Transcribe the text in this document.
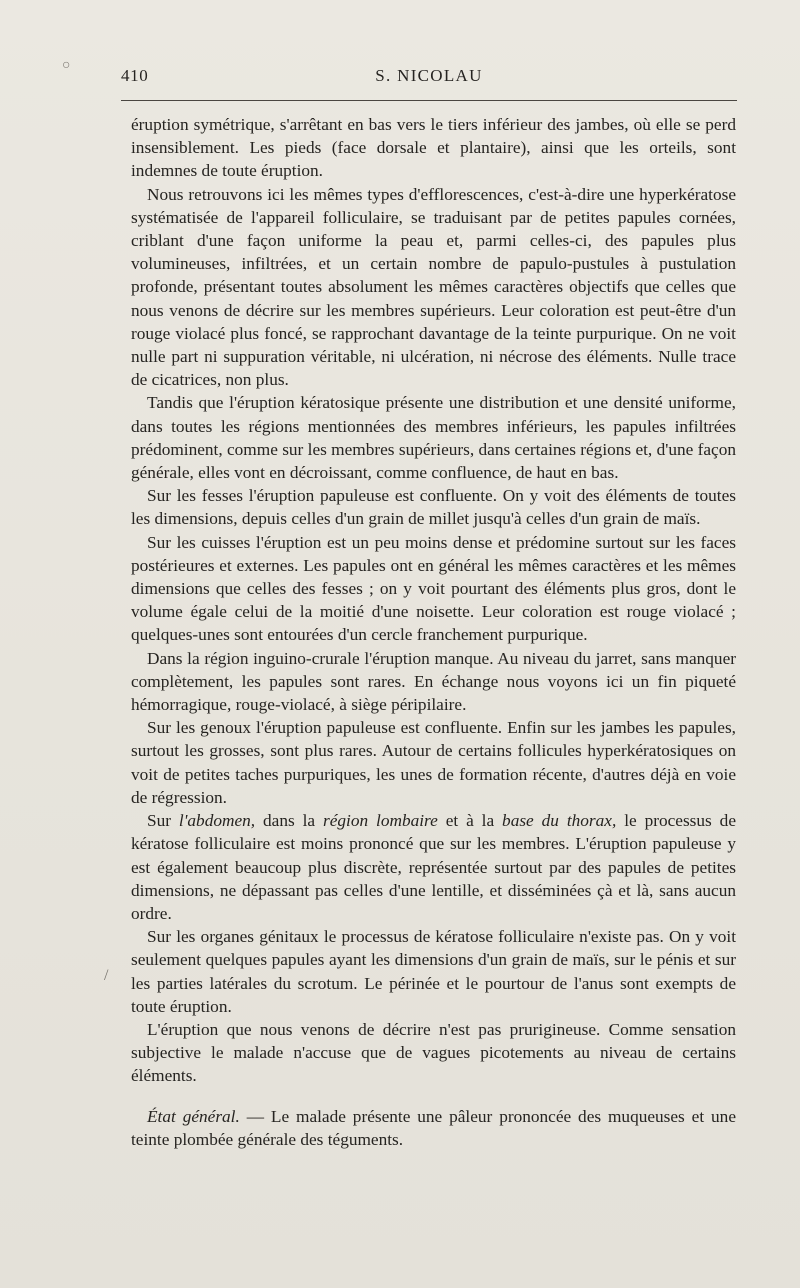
410	S. NICOLAU
○
/

éruption symétrique, s'arrêtant en bas vers le tiers inférieur des jambes, où elle se perd insensiblement. Les pieds (face dorsale et plantaire), ainsi que les orteils, sont indemnes de toute éruption.

Nous retrouvons ici les mêmes types d'efflorescences, c'est-à-dire une hyperkératose systématisée de l'appareil folliculaire, se traduisant par de petites papules cornées, criblant d'une façon uniforme la peau et, parmi celles-ci, des papules plus volumineuses, infiltrées, et un certain nombre de papulo-pustules à pustulation profonde, présentant toutes absolument les mêmes caractères objectifs que celles que nous venons de décrire sur les membres supérieurs. Leur coloration est peut-être d'un rouge violacé plus foncé, se rapprochant davantage de la teinte purpurique. On ne voit nulle part ni suppuration véritable, ni ulcération, ni nécrose des éléments. Nulle trace de cicatrices, non plus.

Tandis que l'éruption kératosique présente une distribution et une densité uniforme, dans toutes les régions mentionnées des membres inférieurs, les papules infiltrées prédominent, comme sur les membres supérieurs, dans certaines régions et, d'une façon générale, elles vont en décroissant, comme confluence, de haut en bas.

Sur les fesses l'éruption papuleuse est confluente. On y voit des éléments de toutes les dimensions, depuis celles d'un grain de millet jusqu'à celles d'un grain de maïs.

Sur les cuisses l'éruption est un peu moins dense et prédomine surtout sur les faces postérieures et externes. Les papules ont en général les mêmes caractères et les mêmes dimensions que celles des fesses ; on y voit pourtant des éléments plus gros, dont le volume égale celui de la moitié d'une noisette. Leur coloration est rouge violacé ; quelques-unes sont entourées d'un cercle franchement purpurique.

Dans la région inguino-crurale l'éruption manque. Au niveau du jarret, sans manquer complètement, les papules sont rares. En échange nous voyons ici un fin piqueté hémorragique, rouge-violacé, à siège péripilaire.

Sur les genoux l'éruption papuleuse est confluente. Enfin sur les jambes les papules, surtout les grosses, sont plus rares. Autour de certains follicules hyperkératosiques on voit de petites taches purpuriques, les unes de formation récente, d'autres déjà en voie de régression.

Sur l'abdomen, dans la région lombaire et à la base du thorax, le processus de kératose folliculaire est moins prononcé que sur les membres. L'éruption papuleuse y est également beaucoup plus discrète, représentée surtout par des papules de petites dimensions, ne dépassant pas celles d'une lentille, et disséminées çà et là, sans aucun ordre.

Sur les organes génitaux le processus de kératose folliculaire n'existe pas. On y voit seulement quelques papules ayant les dimensions d'un grain de maïs, sur le pénis et sur les parties latérales du scrotum. Le périnée et le pourtour de l'anus sont exempts de toute éruption.

L'éruption que nous venons de décrire n'est pas prurigineuse. Comme sensation subjective le malade n'accuse que de vagues picotements au niveau de certains éléments.

État général. — Le malade présente une pâleur prononcée des muqueuses et une teinte plombée générale des téguments.
